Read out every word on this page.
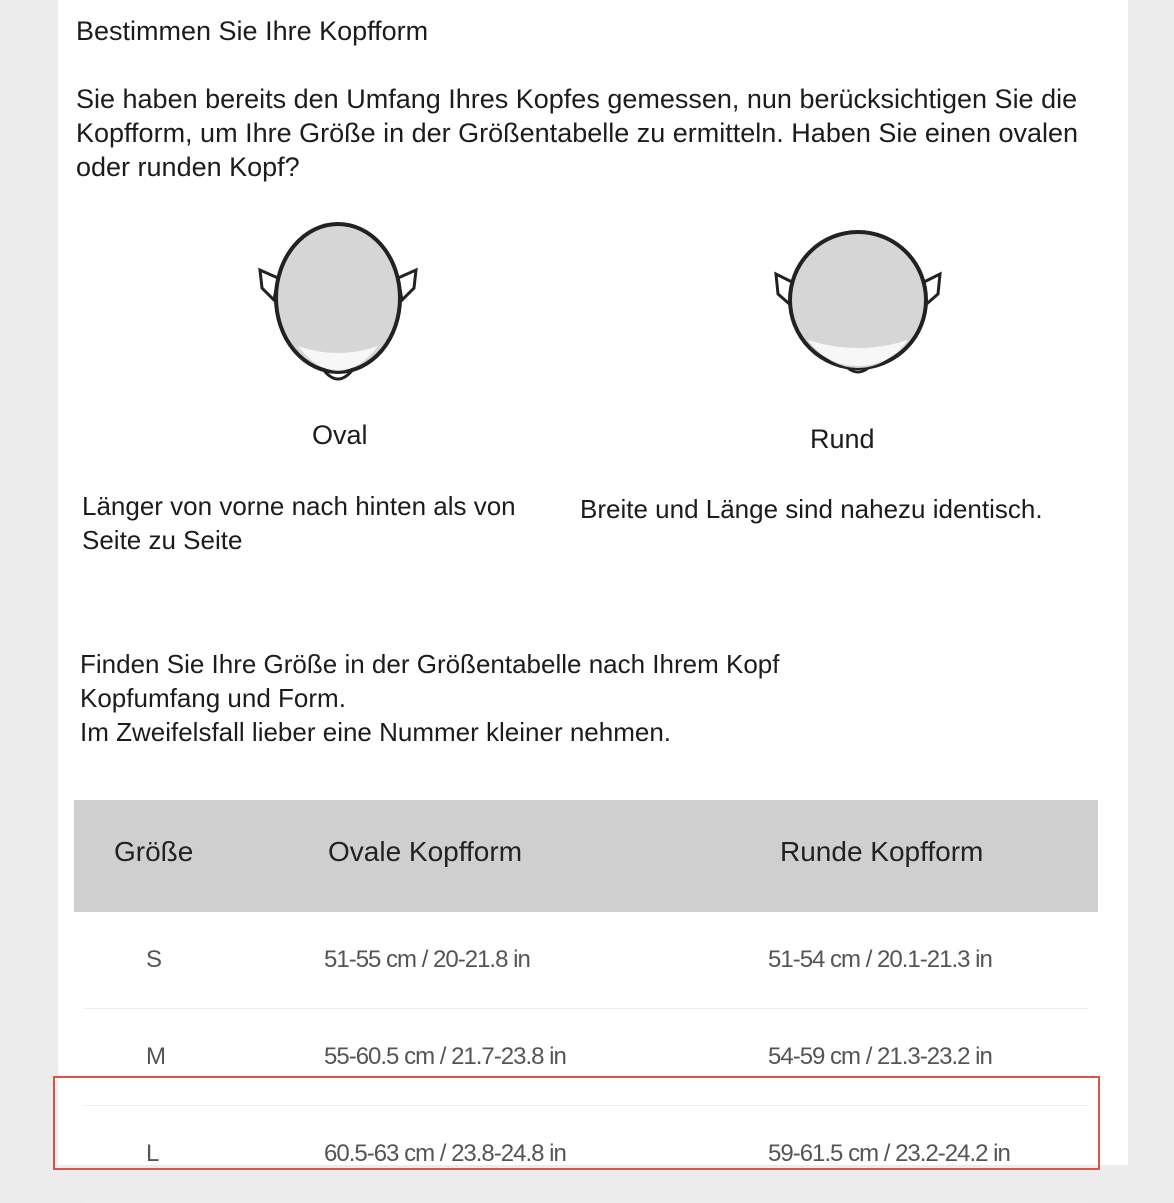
Bestimmen Sie Ihre Kopfform

Sie haben bereits den Umfang Ihres Kopfes gemessen, nun berücksichtigen Sie die Kopfform, um Ihre Größe in der Größentabelle zu ermitteln. Haben Sie einen ovalen oder runden Kopf?

Oval	Rund

Länger von vorne nach hinten als von Seite zu Seite

Breite und Länge sind nahezu identisch.

Finden Sie Ihre Größe in der Größentabelle nach Ihrem Kopf
Kopfumfang und Form.
Im Zweifelsfall lieber eine Nummer kleiner nehmen.
Größe	Ovale Kopfform	Runde Kopfform
S	51-55 cm / 20-21.8 in	51-54 cm / 20.1-21.3 in
M	55-60.5 cm / 21.7-23.8 in	54-59 cm / 21.3-23.2 in
L	60.5-63 cm / 23.8-24.8 in	59-61.5 cm / 23.2-24.2 in
